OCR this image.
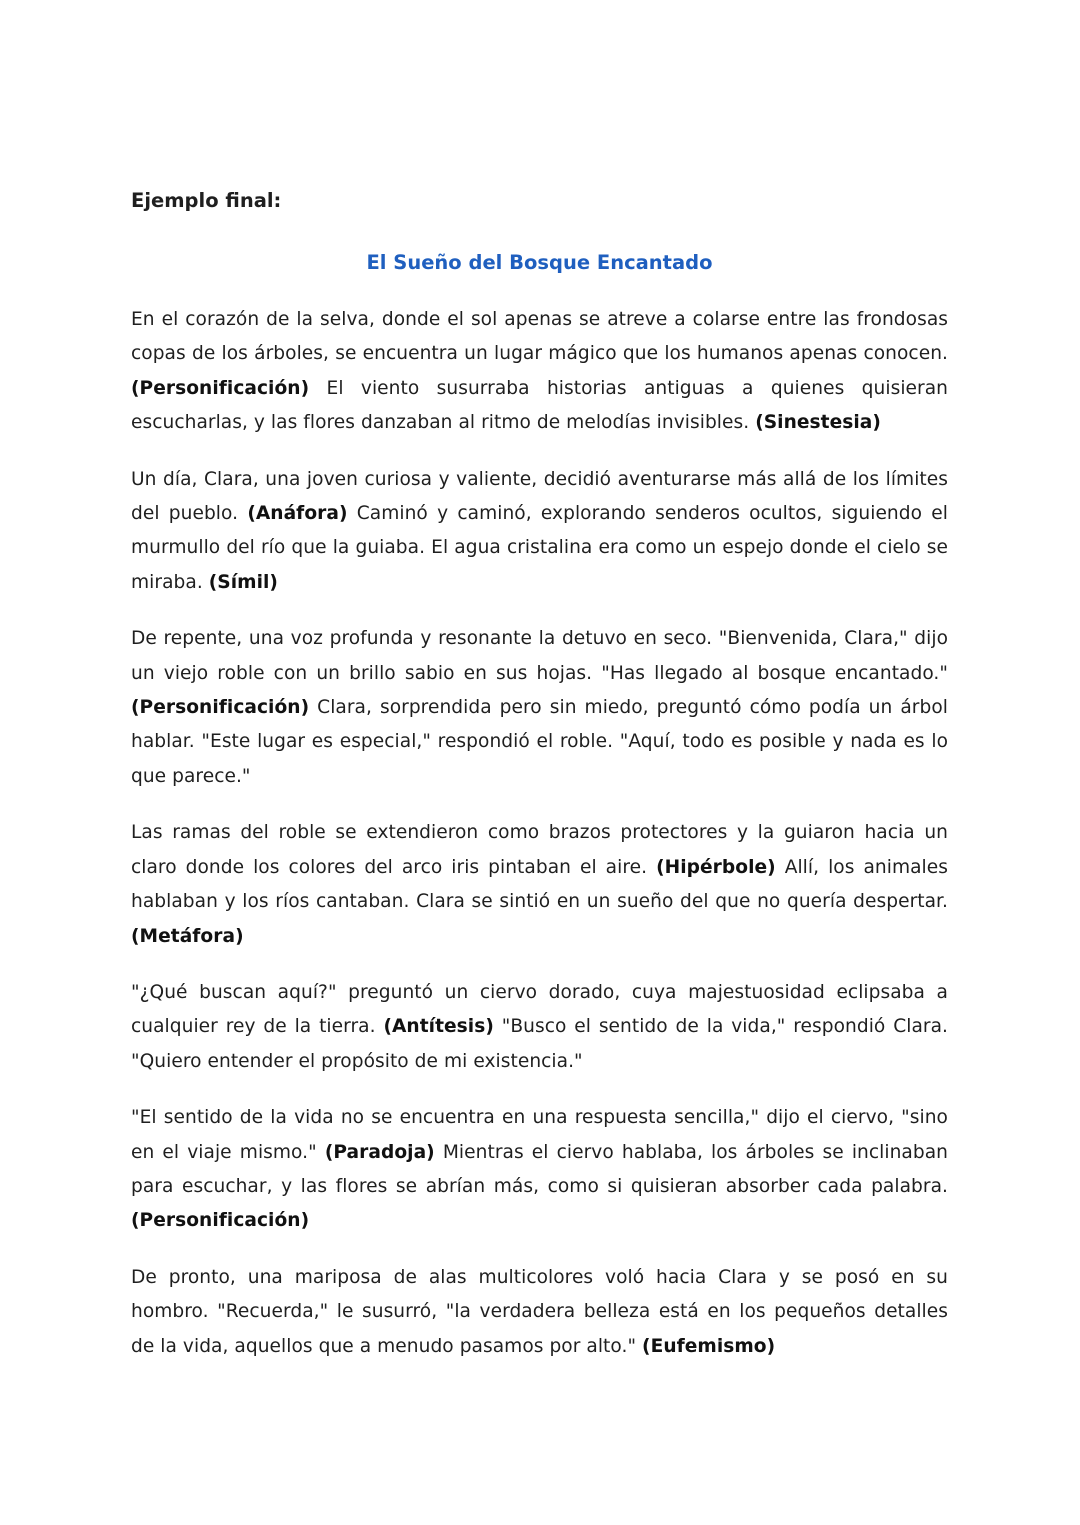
Ejemplo final:

El Sueño del Bosque Encantado

En el corazón de la selva, donde el sol apenas se atreve a colarse entre las frondosas copas de los árboles, se encuentra un lugar mágico que los humanos apenas conocen. (Personificación) El viento susurraba historias antiguas a quienes quisieran escucharlas, y las flores danzaban al ritmo de melodías invisibles. (Sinestesia)

Un día, Clara, una joven curiosa y valiente, decidió aventurarse más allá de los límites del pueblo. (Anáfora) Caminó y caminó, explorando senderos ocultos, siguiendo el murmullo del río que la guiaba. El agua cristalina era como un espejo donde el cielo se miraba. (Símil)

De repente, una voz profunda y resonante la detuvo en seco. "Bienvenida, Clara," dijo un viejo roble con un brillo sabio en sus hojas. "Has llegado al bosque encantado." (Personificación) Clara, sorprendida pero sin miedo, preguntó cómo podía un árbol hablar. "Este lugar es especial," respondió el roble. "Aquí, todo es posible y nada es lo que parece."

Las ramas del roble se extendieron como brazos protectores y la guiaron hacia un claro donde los colores del arco iris pintaban el aire. (Hipérbole) Allí, los animales hablaban y los ríos cantaban. Clara se sintió en un sueño del que no quería despertar. (Metáfora)

"¿Qué buscan aquí?" preguntó un ciervo dorado, cuya majestuosidad eclipsaba a cualquier rey de la tierra. (Antítesis) "Busco el sentido de la vida," respondió Clara. "Quiero entender el propósito de mi existencia."

"El sentido de la vida no se encuentra en una respuesta sencilla," dijo el ciervo, "sino en el viaje mismo." (Paradoja) Mientras el ciervo hablaba, los árboles se inclinaban para escuchar, y las flores se abrían más, como si quisieran absorber cada palabra. (Personificación)

De pronto, una mariposa de alas multicolores voló hacia Clara y se posó en su hombro. "Recuerda," le susurró, "la verdadera belleza está en los pequeños detalles de la vida, aquellos que a menudo pasamos por alto." (Eufemismo)
